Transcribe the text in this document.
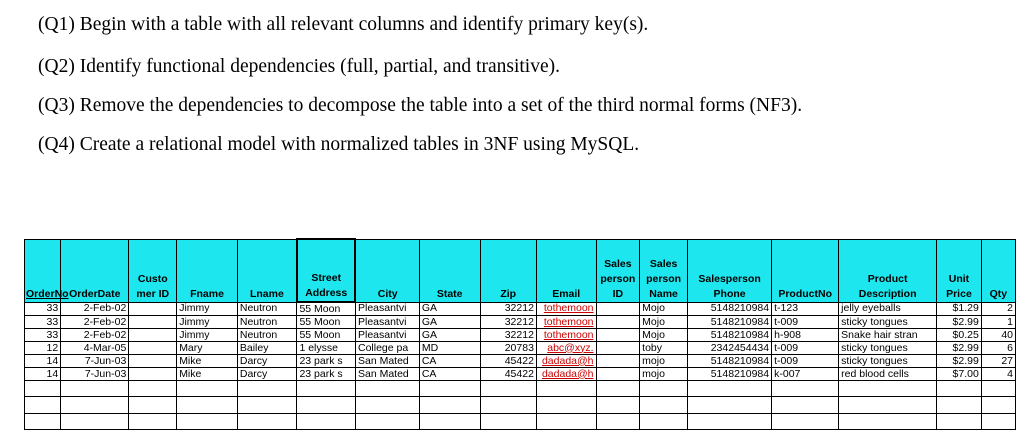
(Q1) Begin with a table with all relevant columns and identify primary key(s).

(Q2) Identify functional dependencies (full, partial, and transitive).

(Q3) Remove the dependencies to decompose the table into a set of the third normal forms (NF3).

(Q4) Create a relational model with normalized tables in 3NF using MySQL.

OrderNo	OrderDate	Custo mer ID	Fname	Lname	Street Address	City	State	Zip	Email	Sales person ID	Sales person Name	Salesperson Phone	ProductNo	Product Description	Unit Price	Qty
33	2-Feb-02		Jimmy	Neutron	55 Moon	Pleasantvi	GA	32212	tothemoon		Mojo	5148210984	t-123	jelly eyeballs	$1.29	2
33	2-Feb-02		Jimmy	Neutron	55 Moon	Pleasantvi	GA	32212	tothemoon		Mojo	5148210984	t-009	sticky tongues	$2.99	1
33	2-Feb-02		Jimmy	Neutron	55 Moon	Pleasantvi	GA	32212	tothemoon		Mojo	5148210984	h-908	Snake hair stran	$0.25	40
12	4-Mar-05		Mary	Bailey	1 elysse	College pa	MD	20783	abc@xyz.		toby	2342454434	t-009	sticky tongues	$2.99	6
14	7-Jun-03		Mike	Darcy	23 park s	San Mated	CA	45422	dadada@h		mojo	5148210984	t-009	sticky tongues	$2.99	27
14	7-Jun-03		Mike	Darcy	23 park s	San Mated	CA	45422	dadada@h		mojo	5148210984	k-007	red blood cells	$7.00	4
